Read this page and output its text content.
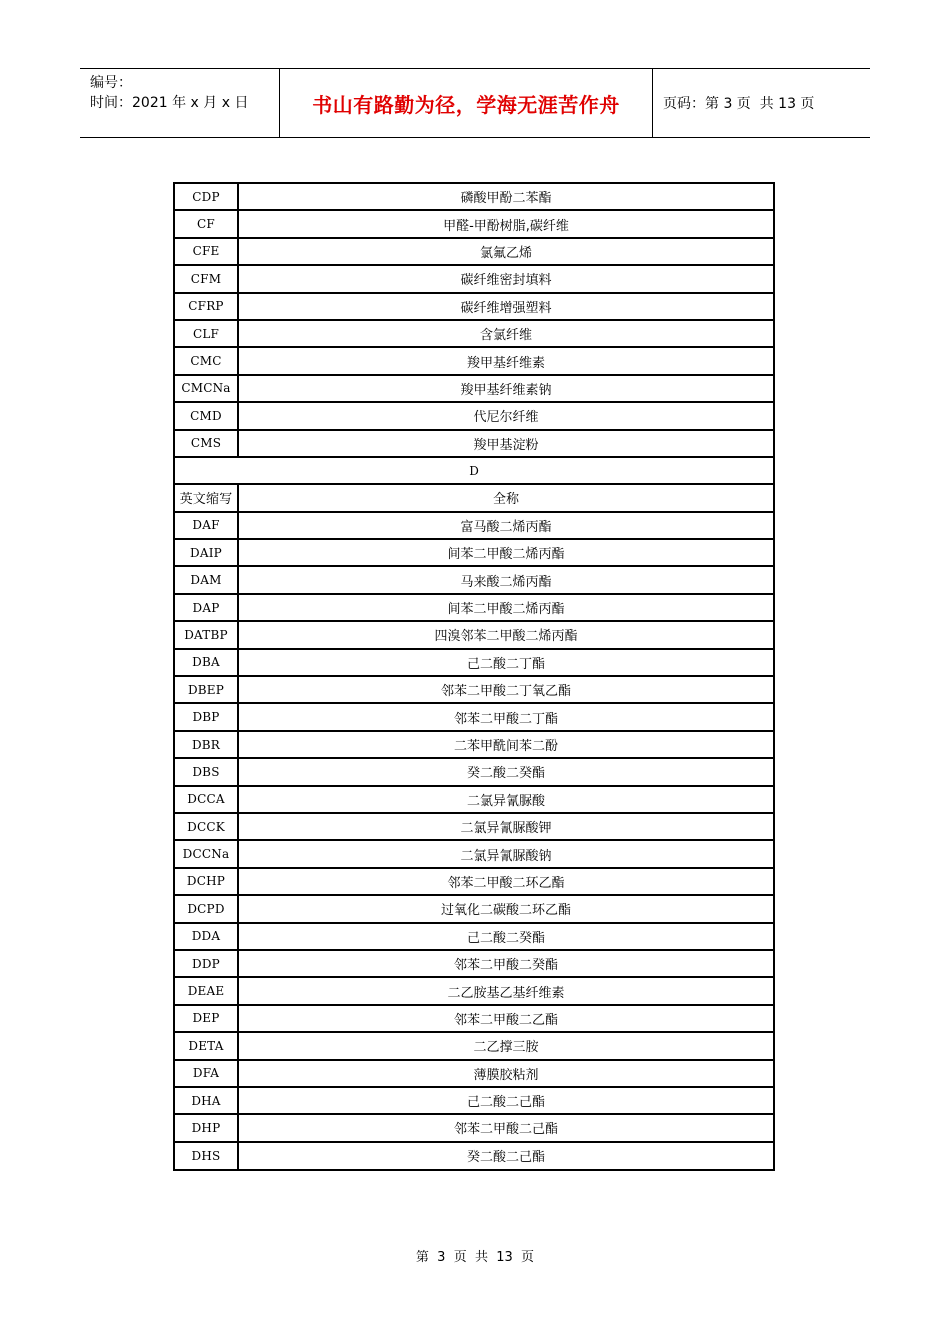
编号：
时间：2021 年 x 月 x 日	书山有路勤为径，学海无涯苦作舟	页码：第 3 页  共 13 页
CDP	磷酸甲酚二苯酯
CF	甲醛-甲酚树脂,碳纤维
CFE	氯氟乙烯
CFM	碳纤维密封填料
CFRP	碳纤维增强塑料
CLF	含氯纤维
CMC	羧甲基纤维素
CMCNa	羧甲基纤维素钠
CMD	代尼尔纤维
CMS	羧甲基淀粉
D
英文缩写	全称
DAF	富马酸二烯丙酯
DAIP	间苯二甲酸二烯丙酯
DAM	马来酸二烯丙酯
DAP	间苯二甲酸二烯丙酯
DATBP	四溴邻苯二甲酸二烯丙酯
DBA	己二酸二丁酯
DBEP	邻苯二甲酸二丁氧乙酯
DBP	邻苯二甲酸二丁酯
DBR	二苯甲酰间苯二酚
DBS	癸二酸二癸酯
DCCA	二氯异氰脲酸
DCCK	二氯异氰脲酸钾
DCCNa	二氯异氰脲酸钠
DCHP	邻苯二甲酸二环乙酯
DCPD	过氧化二碳酸二环乙酯
DDA	己二酸二癸酯
DDP	邻苯二甲酸二癸酯
DEAE	二乙胺基乙基纤维素
DEP	邻苯二甲酸二乙酯
DETA	二乙撑三胺
DFA	薄膜胶粘剂
DHA	己二酸二己酯
DHP	邻苯二甲酸二己酯
DHS	癸二酸二己酯
第  3  页  共  13  页
